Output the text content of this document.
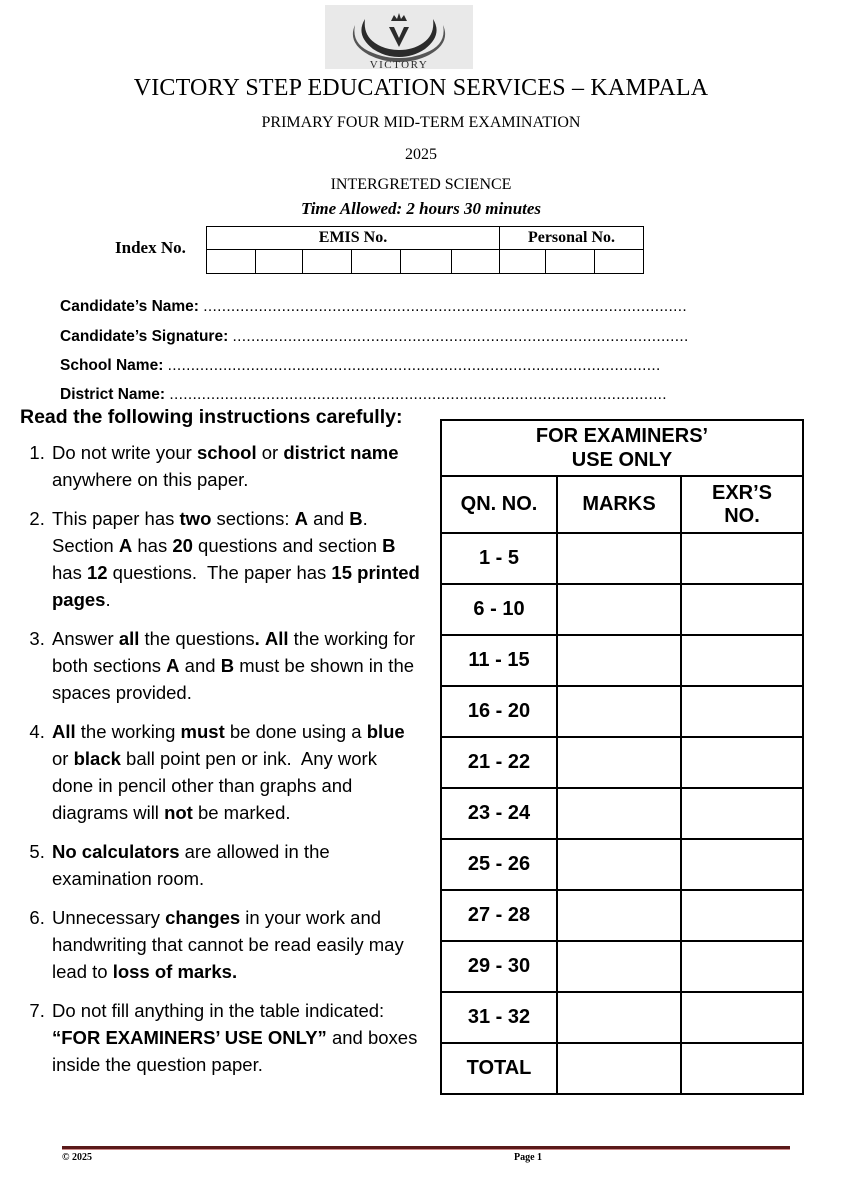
VICTORY
VICTORY STEP EDUCATION SERVICES – KAMPALA
PRIMARY FOUR MID-TERM EXAMINATION
2025
INTERGRETED SCIENCE
Time Allowed: 2 hours 30 minutes
Index No.
EMIS No.						Personal No.		

Candidate’s Name: .........................................................................................................
Candidate’s Signature: ...................................................................................................
School Name: ...........................................................................................................
District Name: ............................................................................................................
Read the following instructions carefully:
1. Do not write your school or district name anywhere on this paper.
2. This paper has two sections: A and B. Section A has 20 questions and section B has 12 questions.  The paper has 15 printed pages.
3. Answer all the questions. All the working for both sections A and B must be shown in the spaces provided.
4. All the working must be done using a blue or black ball point pen or ink.  Any work done in pencil other than graphs and diagrams will not be marked.
5. No calculators are allowed in the examination room.
6. Unnecessary changes in your work and handwriting that cannot be read easily may lead to loss of marks.
7. Do not fill anything in the table indicated: “FOR EXAMINERS’ USE ONLY” and boxes inside the question paper.
FOR EXAMINERS’
USE ONLY		
QN. NO.	MARKS	EXR’S
NO.
1 - 5		
6 - 10		
11 - 15		
16 - 20		
21 - 22		
23 - 24		
25 - 26		
27 - 28		
29 - 30		
31 - 32		
TOTAL		
© 2025	Page 1
